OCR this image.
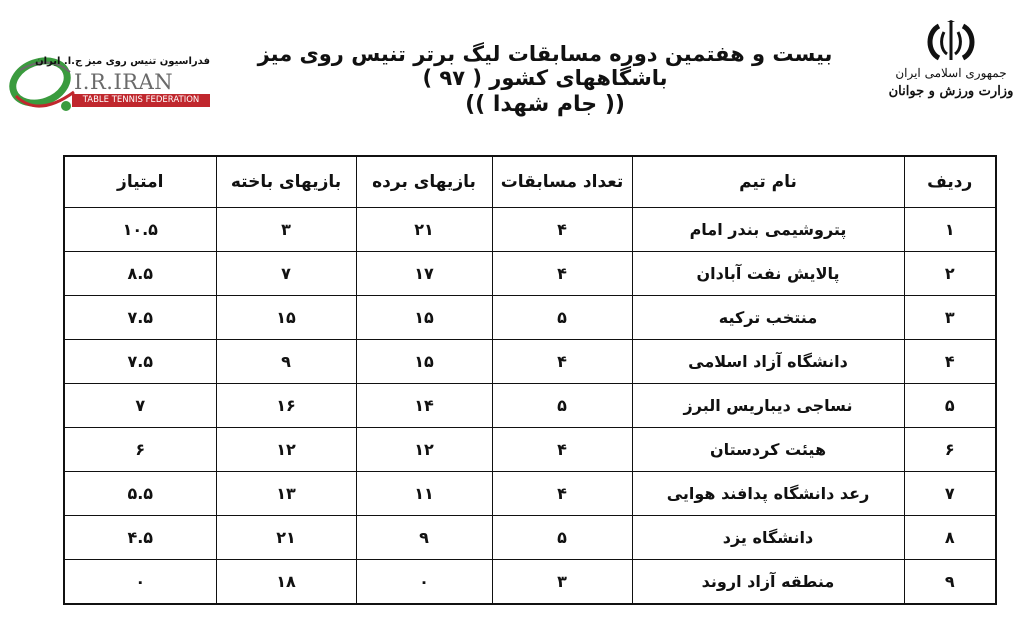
بیست و هفتمین دوره مسابقات لیگ برتر تنیس روی میز باشگاههای کشور ( ۹۷ )
(( جام شهدا ))
جمهوری اسلامی ایران
وزارت ورزش و جوانان
فدراسیون تنیس روی میز ج.ا. ایران
I.R.IRAN
TABLE TENNIS FEDERATION
ردیف	نام تیم	تعداد مسابقات	بازیهای برده	بازیهای باخته	امتیاز
۱	پتروشیمی بندر امام	۴	۲۱	۳	۱۰.۵
۲	پالایش نفت آبادان	۴	۱۷	۷	۸.۵
۳	منتخب ترکیه	۵	۱۵	۱۵	۷.۵
۴	دانشگاه آزاد اسلامی	۴	۱۵	۹	۷.۵
۵	نساجی دیباریس البرز	۵	۱۴	۱۶	۷
۶	هیئت کردستان	۴	۱۲	۱۲	۶
۷	رعد دانشگاه پدافند هوایی	۴	۱۱	۱۳	۵.۵
۸	دانشگاه یزد	۵	۹	۲۱	۴.۵
۹	منطقه آزاد اروند	۳	۰	۱۸	۰
